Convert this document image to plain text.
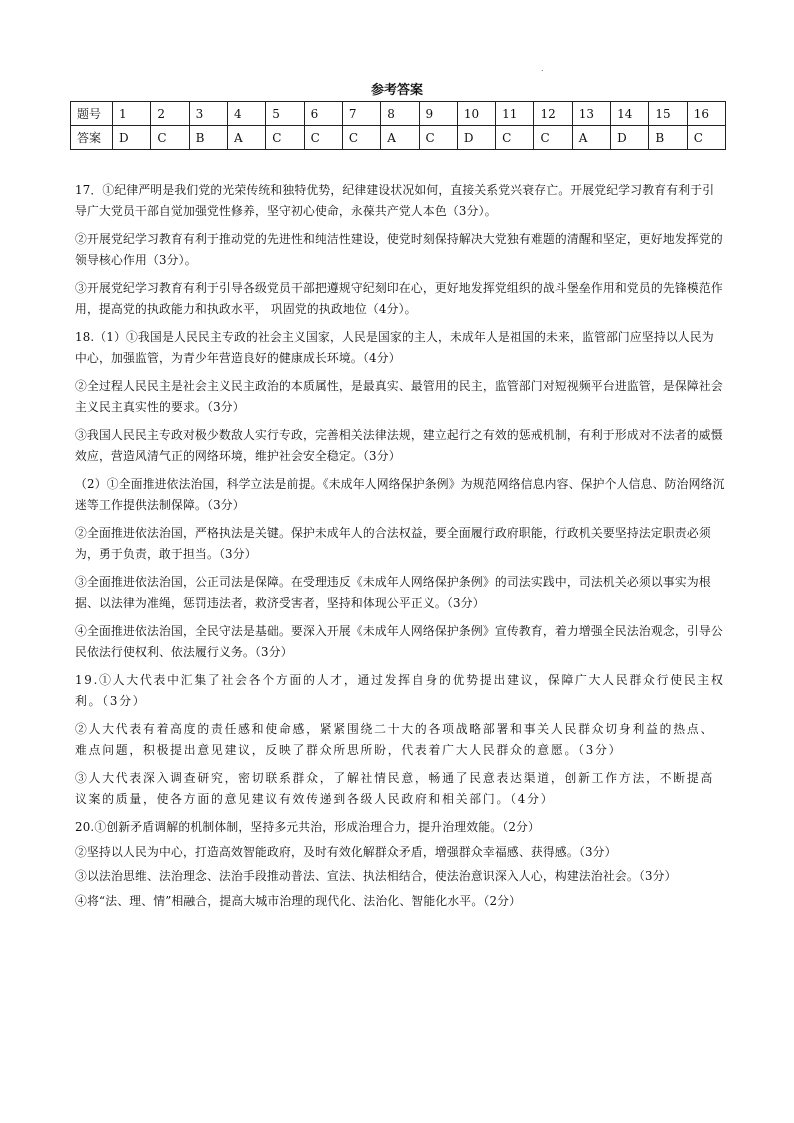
.
参考答案
题号	1	2	3	4	5	6	7	8	9	10	11	12	13	14	15	16
答案	D	C	B	A	C	C	C	A	C	D	C	C	A	D	B	C

17．①纪律严明是我们党的光荣传统和独特优势，纪律建设状况如何，直接关系党兴衰存亡。开展党纪学习教育有利于引导广大党员干部自觉加强党性修养，坚守初心使命，永葆共产党人本色（3分）。

②开展党纪学习教育有利于推动党的先进性和纯洁性建设，使党时刻保持解决大党独有难题的清醒和坚定，更好地发挥党的领导核心作用（3分）。

③开展党纪学习教育有利于引导各级党员干部把遵规守纪刻印在心，更好地发挥党组织的战斗堡垒作用和党员的先锋模范作用，提高党的执政能力和执政水平， 巩固党的执政地位（4分）。

18.（1）①我国是人民民主专政的社会主义国家，人民是国家的主人，未成年人是祖国的未来，监管部门应坚持以人民为中心，加强监管，为青少年营造良好的健康成长环境。（4分）

②全过程人民民主是社会主义民主政治的本质属性，是最真实、最管用的民主，监管部门对短视频平台进监管，是保障社会主义民主真实性的要求。（3分）

③我国人民民主专政对极少数敌人实行专政，完善相关法律法规，建立起行之有效的惩戒机制，有利于形成对不法者的威慑效应，营造风清气正的网络环境，维护社会安全稳定。（3分）

（2）①全面推进依法治国，科学立法是前提。《未成年人网络保护条例》为规范网络信息内容、保护个人信息、防治网络沉迷等工作提供法制保障。（3分）

②全面推进依法治国，严格执法是关键。保护未成年人的合法权益，要全面履行政府职能，行政机关要坚持法定职责必须为，勇于负责，敢于担当。（3分）

③全面推进依法治国，公正司法是保障。在受理违反《未成年人网络保护条例》的司法实践中，司法机关必须以事实为根据、以法律为准绳，惩罚违法者，救济受害者，坚持和体现公平正义。（3分）

④全面推进依法治国，全民守法是基础。要深入开展《未成年人网络保护条例》宣传教育，着力增强全民法治观念，引导公民依法行使权利、依法履行义务。（3分）

19.①人大代表中汇集了社会各个方面的人才，通过发挥自身的优势提出建议，保障广大人民群众行使民主权利。（3分）

②人大代表有着高度的责任感和使命感，紧紧围绕二十大的各项战略部署和事关人民群众切身利益的热点、难点问题，积极提出意见建议，反映了群众所思所盼，代表着广大人民群众的意愿。（3分）

③人大代表深入调查研究，密切联系群众，了解社情民意，畅通了民意表达渠道，创新工作方法，不断提高议案的质量，使各方面的意见建议有效传递到各级人民政府和相关部门。（4分）

20.①创新矛盾调解的机制体制，坚持多元共治，形成治理合力，提升治理效能。（2分）

②坚持以人民为中心，打造高效智能政府，及时有效化解群众矛盾，增强群众幸福感、获得感。（3分）

③以法治思维、法治理念、法治手段推动普法、宣法、执法相结合，使法治意识深入人心，构建法治社会。（3分）

④将“法、理、情”相融合，提高大城市治理的现代化、法治化、智能化水平。（2分）
